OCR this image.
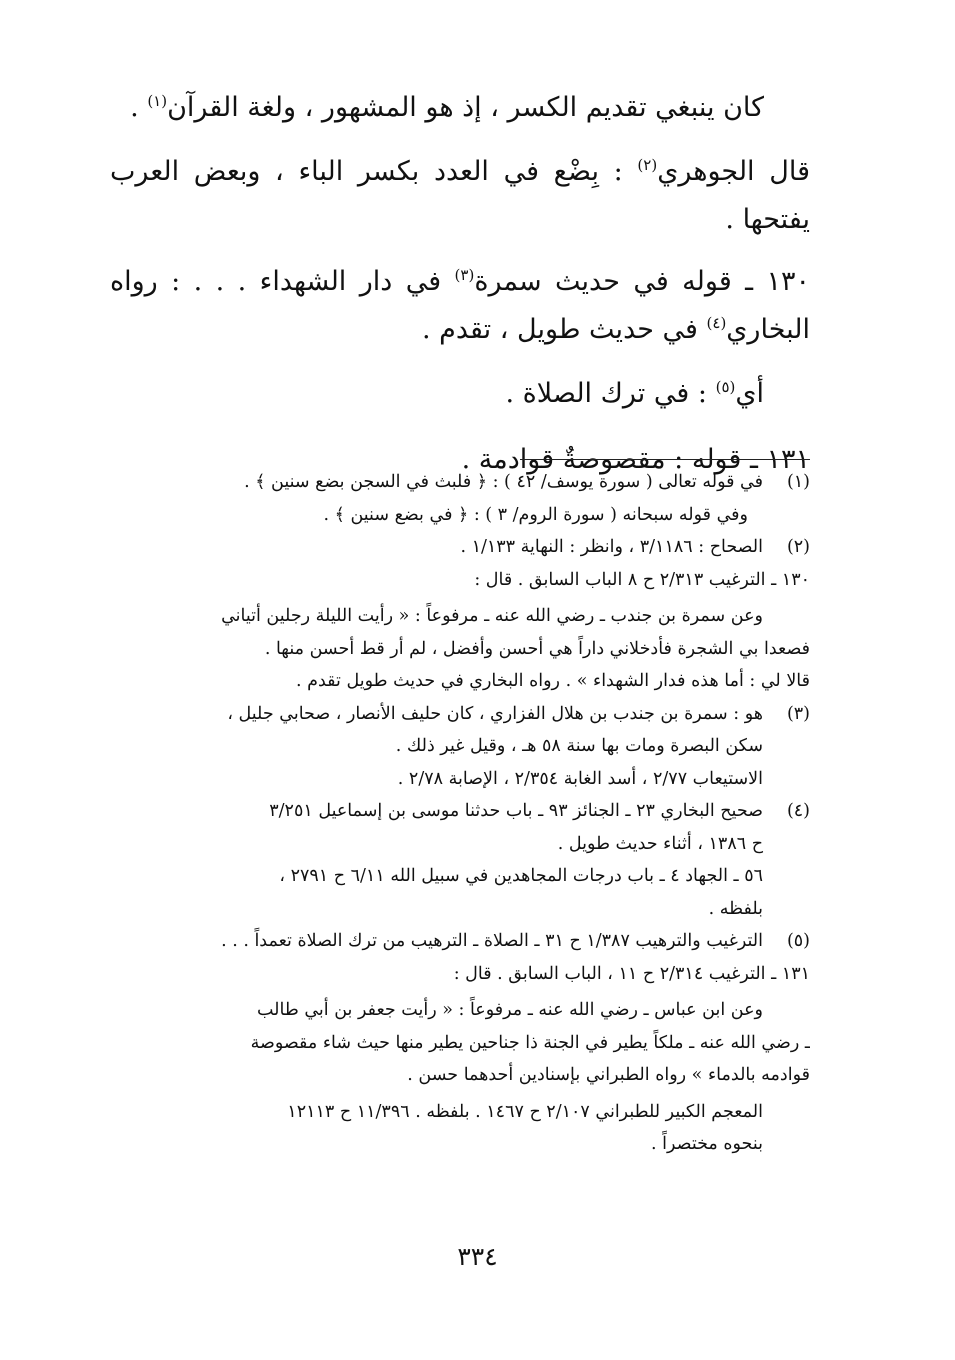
كان ينبغي تقديم الكسر ، إذ هو المشهور ، ولغة القرآن$^{(١)}$ .

قال الجوهري$^{(٢)}$ : بِضْع في العدد بكسر الباء ، وبعض العرب يفتحها .

١٣٠ ـ قوله في حديث سمرة$^{(٣)}$ في دار الشهداء . . . : رواه البخاري$^{(٤)}$ في حديث طويل ، تقدم .

أي$^{(٥)}$ : في ترك الصلاة .

١٣١ ـ قوله : مقصوصةٌ قوادمة .

(١)في قوله تعالى ( سورة يوسف/ ٤٢ ) : ﴿ فلبث في السجن بضع سنين ﴾ .
وفي قوله سبحانه ( سورة الروم/ ٣ ) : ﴿ في بضع سنين ﴾ .
(٢)الصحاح : ٣/١١٨٦ ، وانظر : النهاية ١/١٣٣ .
١٣٠ ـ الترغيب ٢/٣١٣ ح ٨ الباب السابق . قال :
وعن سمرة بن جندب ـ رضي الله عنه ـ مرفوعاً : « رأيت الليلة رجلين أتياني
فصعدا بي الشجرة فأدخلاني داراً هي أحسن وأفضل ، لم أر قط أحسن منها .
قالا لي : أما هذه فدار الشهداء » . رواه البخاري في حديث طويل تقدم .
(٣)هو : سمرة بن جندب بن هلال الفزاري ، كان حليف الأنصار ، صحابي جليل ،
سكن البصرة ومات بها سنة ٥٨ هـ ، وقيل غير ذلك .
الاستيعاب ٢/٧٧ ، أسد الغابة ٢/٣٥٤ ، الإصابة ٢/٧٨ .
(٤)صحيح البخاري ٢٣ ـ الجنائز ٩٣ ـ باب حدثنا موسى بن إسماعيل ٣/٢٥١
ح ١٣٨٦ ، أثناء حديث طويل .
٥٦ ـ الجهاد ٤ ـ باب درجات المجاهدين في سبيل الله ٦/١١ ح ٢٧٩١ ،
بلفظه .
(٥)الترغيب والترهيب ١/٣٨٧ ح ٣١ ـ الصلاة ـ الترهيب من ترك الصلاة تعمداً . . .
١٣١ ـ الترغيب ٢/٣١٤ ح ١١ ، الباب السابق . قال :
وعن ابن عباس ـ رضي الله عنه ـ مرفوعاً : « رأيت جعفر بن أبي طالب
ـ رضي الله عنه ـ ملكاً يطير في الجنة ذا جناحين يطير منها حيث شاء مقصوصة
قوادمه بالدماء » رواه الطبراني بإسنادين أحدهما حسن .
المعجم الكبير للطبراني ٢/١٠٧ ح ١٤٦٧ . بلفظه . ١١/٣٩٦ ح ١٢١١٣
بنحوه مختصراً .
٣٣٤
